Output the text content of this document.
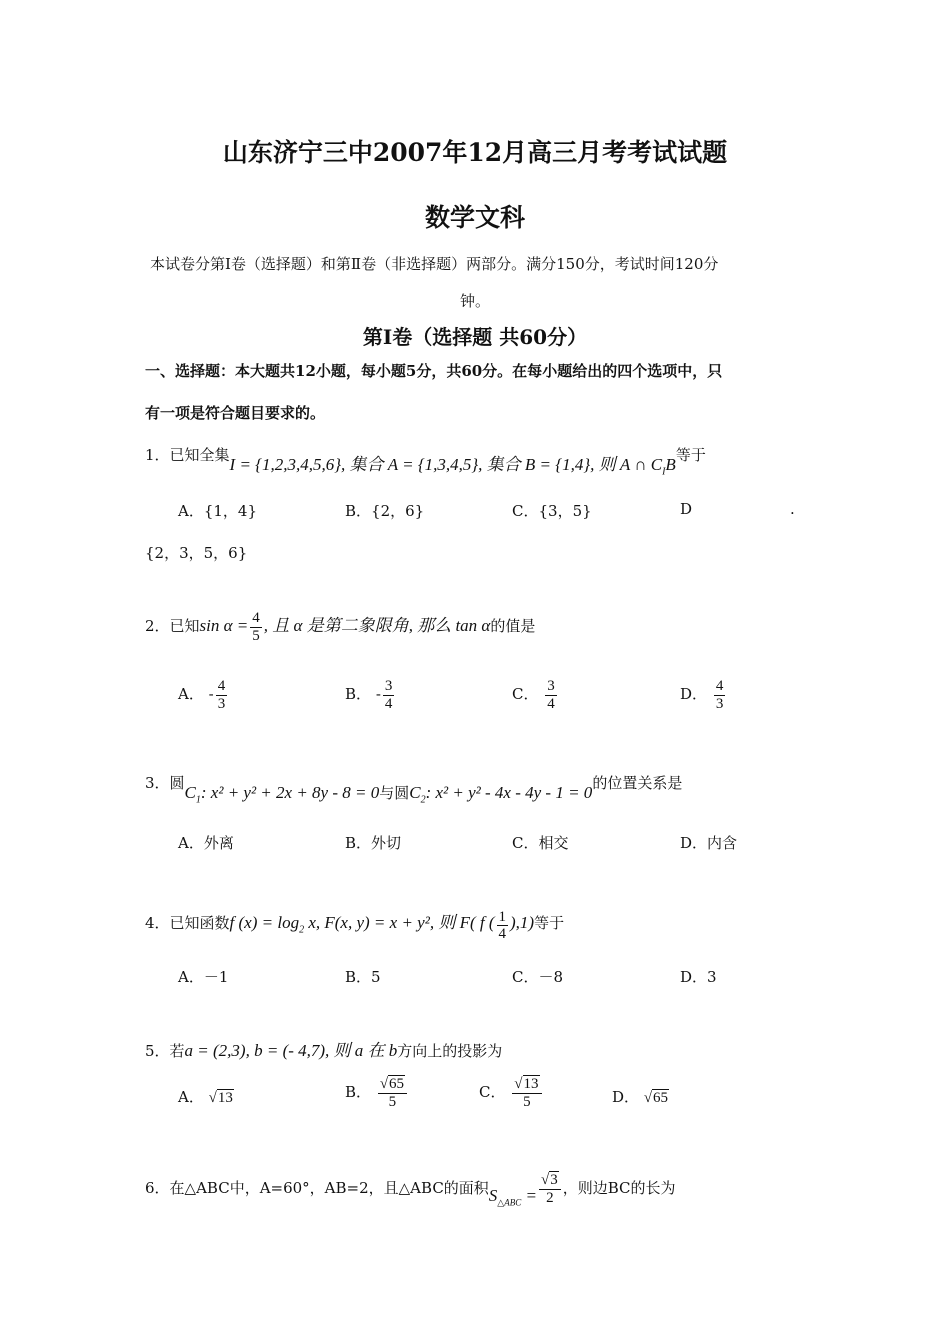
山东济宁三中2007年12月高三月考考试试题
数学文科
本试卷分第Ⅰ卷（选择题）和第Ⅱ卷（非选择题）两部分。满分150分，考试时间120分
钟。
第Ⅰ卷（选择题 共60分）
一、选择题：本大题共12小题，每小题5分，共60分。在每小题给出的四个选项中，只
有一项是符合题目要求的。
1．已知全集I = {1,2,3,4,5,6}, 集合 A = {1,3,4,5}, 集合 B = {1,4}, 则 A ∩ $C_IB$等于
A．{1，4}	B．{2，6}	C．{3，5}	D	.
{2，3，5，6}
2．已知$\sin \alpha = \frac{4}{5}$ , 且 α 是第二象限角, 那么 tan α的值是
A． - $\frac{4}{3}$	B． - $\frac{3}{4}$	C． $\frac{3}{4}$	D． $\frac{4}{3}$
3．圆$C_1$: x² + y² + 2x + 8y - 8 = 0与圆$C_2$: x² + y² - 4x - 4y - 1 = 0的位置关系是
A．外离	B．外切	C．相交	D．内含
4．已知函数f $(x) = \log_2 x$, F(x, y) = x + y², 则 F( f ( $\frac{1}{4} ),1$)等于
A．－1	B．5	C．－8	D．3
5．若a = (2,3), b = (- 4,7), 则 a 在 b方向上的投影为
A． √13	B． $\frac{√65}{5}$	C． $\frac{√13}{5}$	D． √65
6．在△ABC中，A=60°，AB=2，且△ABC的面积$S_{\triangle ABC} = \frac{√3}{2}$ ，则边BC的长为
